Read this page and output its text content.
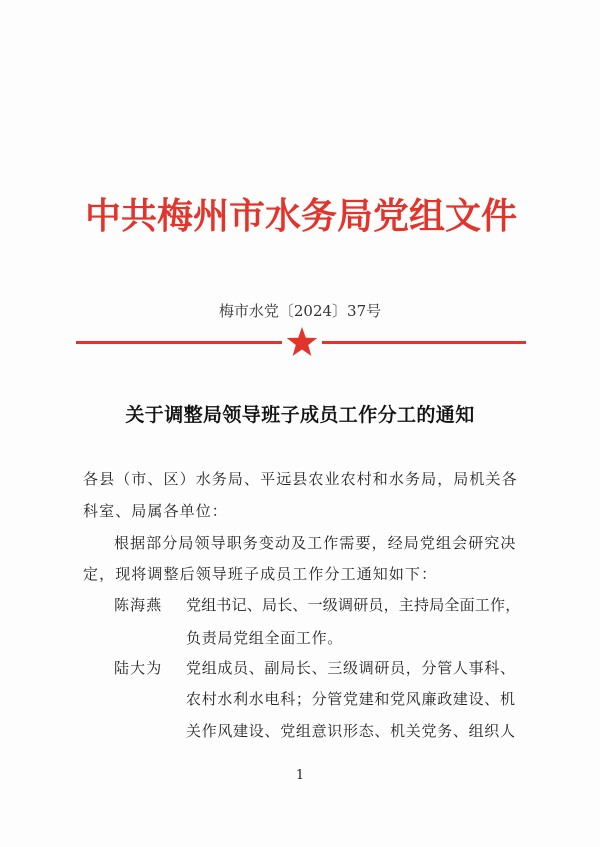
中共梅州市水务局党组文件
梅市水党〔2024〕37号
关于调整局领导班子成员工作分工的通知
各县（市、区）水务局、平远县农业农村和水务局，局机关各
科室、局属各单位：
根据部分局领导职务变动及工作需要，经局党组会研究决
定，现将调整后领导班子成员工作分工通知如下：
陈海燕 党组书记、局长、一级调研员，主持局全面工作，
负责局党组全面工作。
陆大为 党组成员、副局长、三级调研员，分管人事科、
农村水利水电科；分管党建和党风廉政建设、机
关作风建设、党组意识形态、机关党务、组织人
1
